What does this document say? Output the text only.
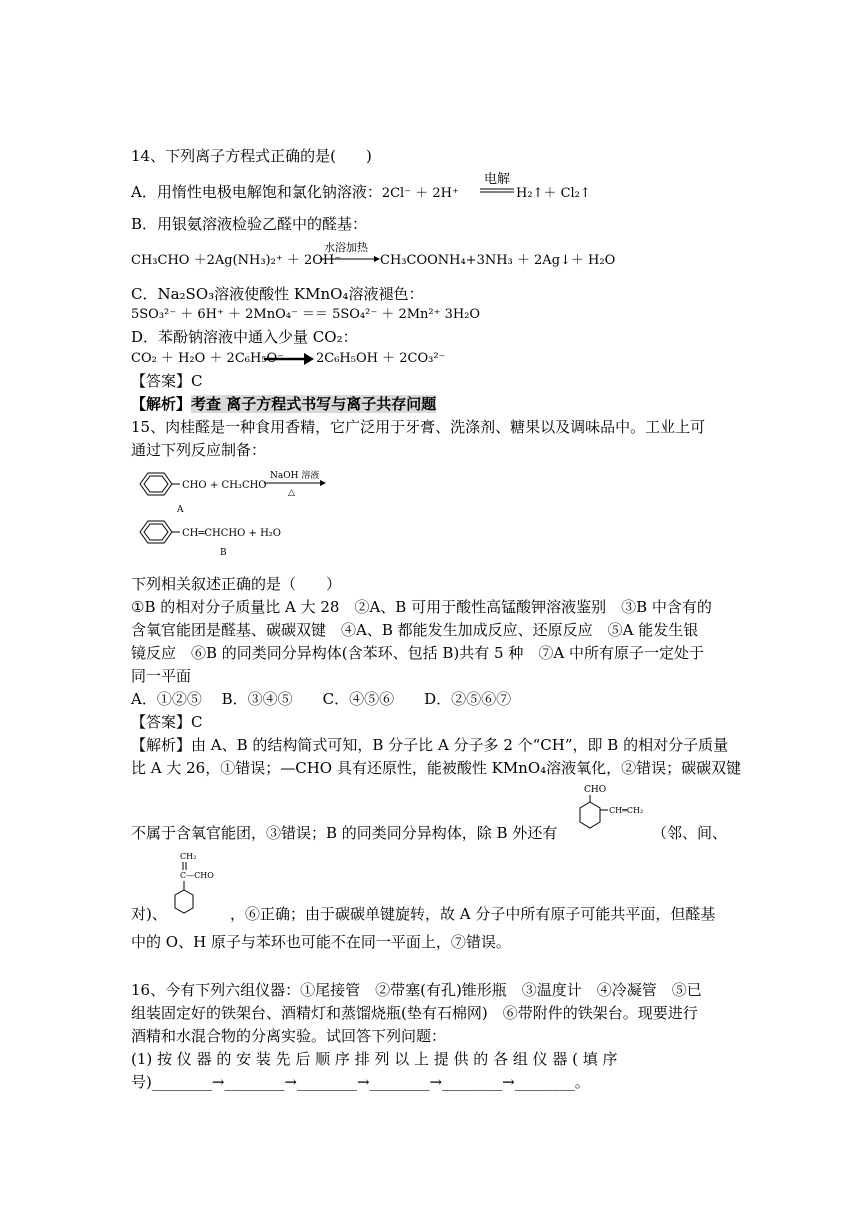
14、下列离子方程式正确的是(　　)
A．用惰性电极电解饱和氯化钠溶液：2Cl⁻ ＋ 2H⁺
电解
H₂↑＋ Cl₂↑
B．用银氨溶液检验乙醛中的醛基：
CH₃CHO ＋2Ag(NH₃)₂⁺ ＋ 2OH⁻
水浴加热
CH₃COONH₄+3NH₃ ＋ 2Ag↓＋ H₂O
C．Na₂SO₃溶液使酸性 KMnO₄溶液褪色：
5SO₃²⁻ ＋ 6H⁺ ＋ 2MnO₄⁻ ＝＝ 5SO₄²⁻ ＋ 2Mn²⁺ 3H₂O
D．苯酚钠溶液中通入少量 CO₂：
CO₂ ＋ H₂O ＋ 2C₆H₅O⁻ 2C₆H₅OH ＋ 2CO₃²⁻
【答案】C
【解析】考查 离子方程式书写与离子共存问题
15、肉桂醛是一种食用香精，它广泛用于牙膏、洗涤剂、糖果以及调味品中。工业上可
通过下列反应制备：
CHO + CH₃CHO
NaOH 溶液
△
A
CH═CHCHO + H₂O
B
下列相关叙述正确的是（　　）
①B 的相对分子质量比 A 大 28　②A、B 可用于酸性高锰酸钾溶液鉴别　③B 中含有的
含氧官能团是醛基、碳碳双键　④A、B 都能发生加成反应、还原反应　⑤A 能发生银
镜反应　⑥B 的同类同分异构体(含苯环、包括 B)共有 5 种　⑦A 中所有原子一定处于
同一平面
A．①②⑤　 B．③④⑤　　C．④⑤⑥　　D．②⑤⑥⑦
【答案】C
【解析】由 A、B 的结构简式可知，B 分子比 A 分子多 2 个“CH”，即 B 的相对分子质量
比 A 大 26，①错误；—CHO 具有还原性，能被酸性 KMnO₄溶液氧化，②错误；碳碳双键
CHO
CH═CH₂
不属于含氧官能团，③错误；B 的同类同分异构体，除 B 外还有	（邻、间、
CH₂
C—CHO
对)、	，⑥正确；由于碳碳单键旋转，故 A 分子中所有原子可能共平面，但醛基
中的 O、H 原子与苯环也可能不在同一平面上，⑦错误。
16、今有下列六组仪器：①尾接管　②带塞(有孔)锥形瓶　③温度计　④冷凝管　⑤已
组装固定好的铁架台、酒精灯和蒸馏烧瓶(垫有石棉网)　⑥带附件的铁架台。现要进行
酒精和水混合物的分离实验。试回答下列问题：
(1) 按 仪 器 的 安 装 先 后 顺 序 排 列 以 上 提 供 的 各 组 仪 器 ( 填 序
号)________→________→________→________→________→________。
